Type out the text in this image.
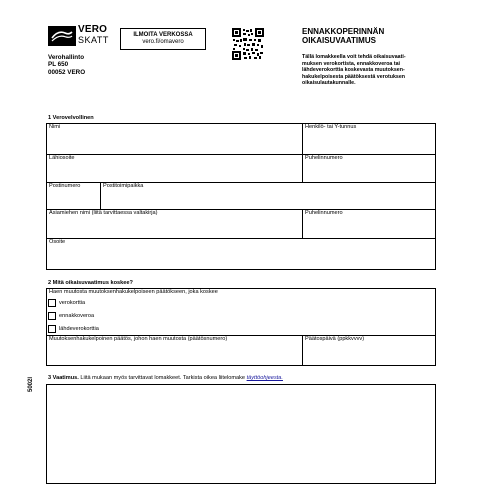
VERO
SKATT	ILMOITA VERKOSSA
vero.fi/omavero
Verohallinto
PL 650
00052 VERO
ENNAKKOPERINNÄN
OIKAISUVAATIMUS
Tällä lomakkeella voit tehdä oikaisuvaati-
muksen verokortista, ennakkoveroa tai
lähdeverokorttia koskevasta muutoksen-
hakukelpoisesta päätöksestä verotuksen
oikaisulautakunnalle.
1 Verovelvollinen
Nimi	Henkilö- tai Y-tunnus
Lähiosoite	Puhelinnumero
Postinumero	Postitoimipaikka
Asiamiehen nimi (liitä tarvittaessa valtakirja)	Puhelinnumero
Osoite
2 Mitä oikaisuvaatimus koskee?
Haen muutosta muutoksenhakukelpoiseen päätökseen, joka koskee
verokorttia
ennakkoveroa
lähdeverokorttia
Muutoksenhakukelpoinen päätös, johon haen muutosta (päätösnumero)	Päätospäivä (ppkkvvvv)
3 Vaatimus. Liitä mukaan myös tarvittavat lomakkeet. Tarkista oikea liitelomake täyttöohjeesta.
5002l
